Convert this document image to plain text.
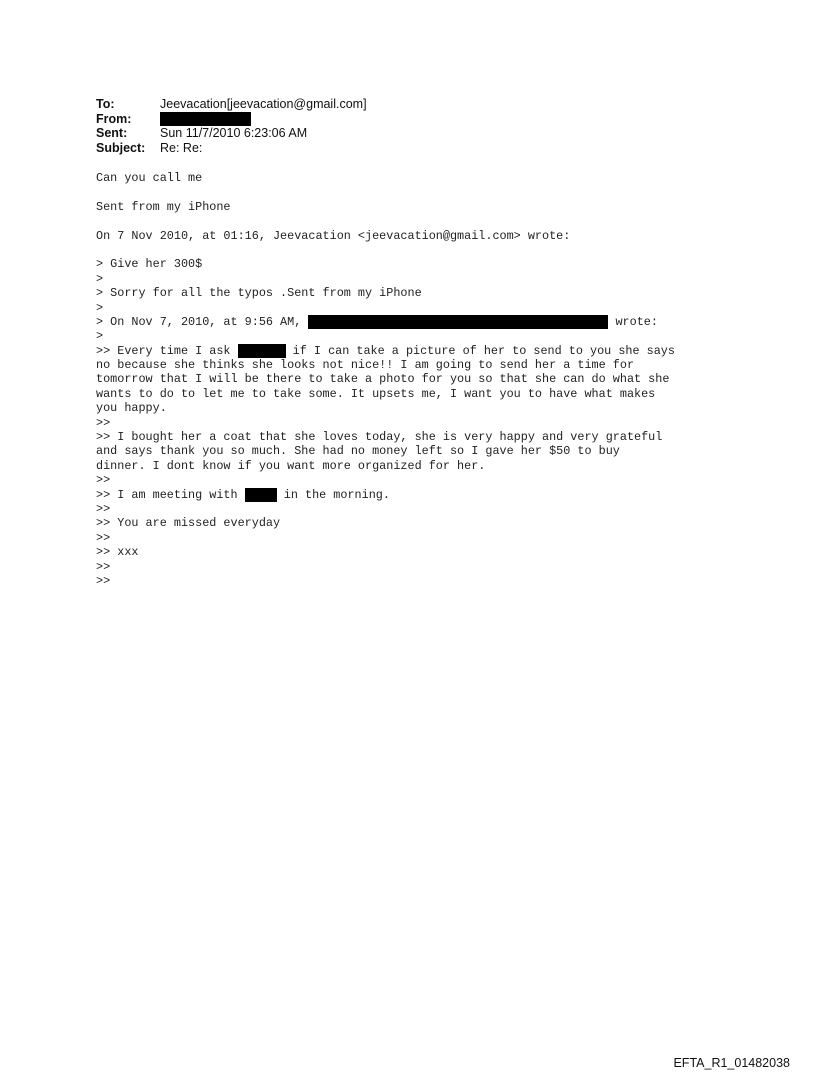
To:	Jeevacation[jeevacation@gmail.com]
From:
Sent:	Sun 11/7/2010 6:23:06 AM
Subject:	Re: Re:
Can you call me
Sent from my iPhone
On 7 Nov 2010, at 01:16, Jeevacation <jeevacation@gmail.com> wrote:
> Give her 300$
>
> Sorry for all the typos .Sent from my iPhone
>
> On Nov 7, 2010, at 9:56 AM,	wrote:
>
>> Every time I ask	if I can take a picture of her to send to you she says
no because she thinks she looks not nice!! I am going to send her a time for
tomorrow that I will be there to take a photo for you so that she can do what she
wants to do to let me to take some. It upsets me, I want you to have what makes
you happy.
>>
>> I bought her a coat that she loves today, she is very happy and very grateful
and says thank you so much. She had no money left so I gave her $50 to buy
dinner. I dont know if you want more organized for her.
>>
>> I am meeting with	in the morning.
>>
>> You are missed everyday
>>
>> xxx
>>
>>
EFTA_R1_01482038
